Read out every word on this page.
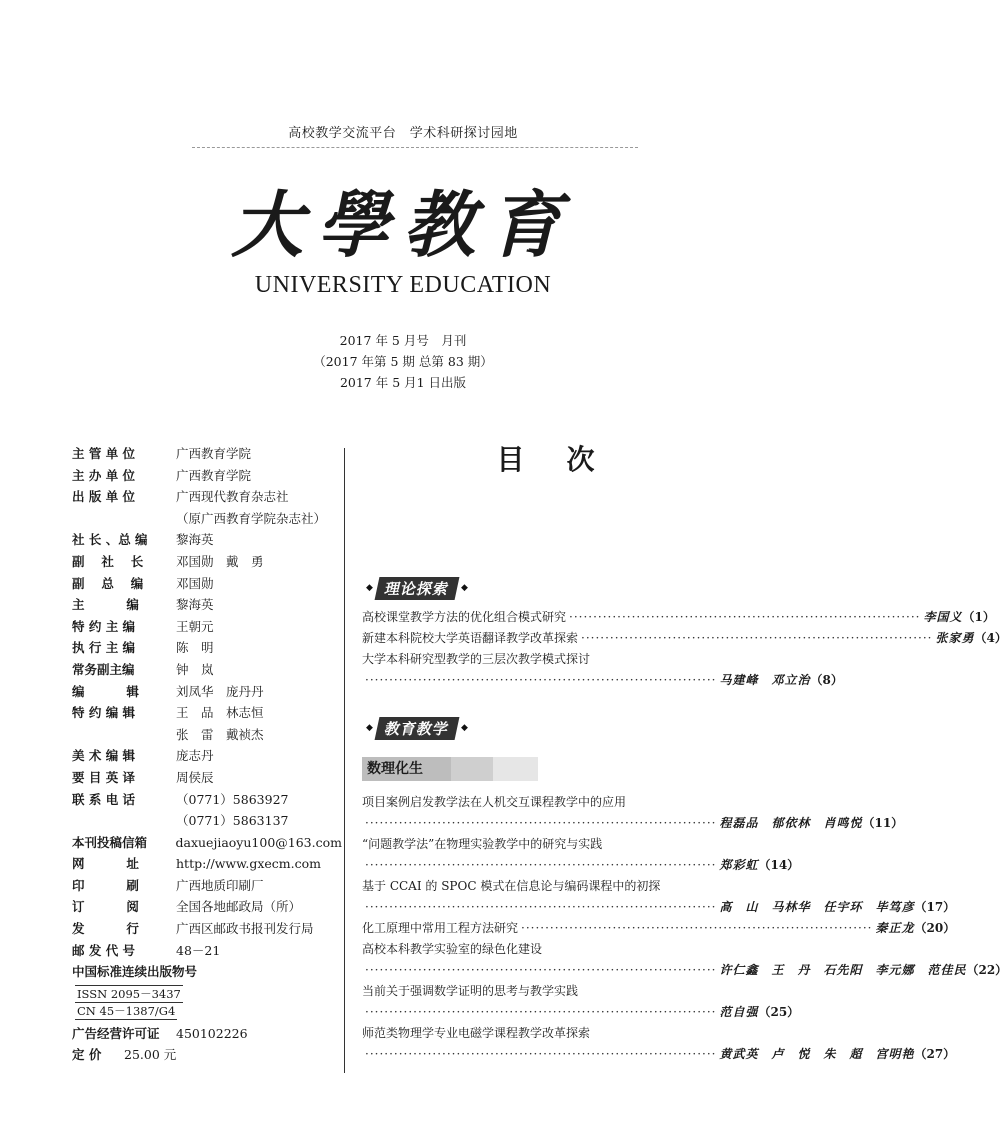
高校教学交流平台　学术科研探讨园地
大學教育
UNIVERSITY EDUCATION
2017 年 5 月号　月刊
（2017 年第 5 期 总第 83 期）
2017 年 5 月1 日出版
主 管 单 位	广西教育学院
主 办 单 位	广西教育学院
出 版 单 位	广西现代教育杂志社
（原广西教育学院杂志社）
社 长 、总 编	黎海英
副　 社　 长	邓国勋　戴　勇
副　 总　 编	邓国勋
主　　　 编	黎海英
特 约 主 编	王朝元
执 行 主 编	陈　明
常务副主编	钟　岚
编　　　 辑	刘凤华　庞丹丹
特 约 编 辑	王　品　林志恒
张　雷　戴祯杰
美 术 编 辑	庞志丹
要 目 英 译	周侯辰
联 系 电 话	（0771）5863927
（0771）5863137
本刊投稿信箱	daxuejiaoyu100@163.com
网　　　 址	http://www.gxecm.com
印　　　 刷	广西地质印刷厂
订　　　 阅	全国各地邮政局（所）
发　　　 行	广西区邮政书报刊发行局
邮 发 代 号	48－21
中国标准连续出版物号
ISSN 2095－3437
CN 45－1387/G4
广告经营许可证	450102226
定 价	25.00 元
目次
◆ 理论探索	◆
◆ 教育教学	◆
数理化生
高校课堂教学方法的优化组合模式研究 ········································································· 李国义 （1）
新建本科院校大学英语翻译教学改革探索 ········································································· 张家勇 （4）
大学本科研究型教学的三层次教学模式探讨
········································································· 马建峰　邓立治 （8）
项目案例启发教学法在人机交互课程教学中的应用
········································································· 程磊品　郁依林　肖鸣悦 （11）
“问题教学法”在物理实验教学中的研究与实践
········································································· 郑彩虹 （14）
基于 CCAI 的 SPOC 模式在信息论与编码课程中的初探
········································································· 高　山　马林华　任宇环　毕笃彦 （17）
化工原理中常用工程方法研究 ········································································· 秦正龙 （20）
高校本科教学实验室的绿色化建设
········································································· 许仁鑫　王　丹　石先阳　李元娜　范佳民 （22）
当前关于强调数学证明的思考与教学实践
········································································· 范自强 （25）
师范类物理学专业电磁学课程教学改革探索
········································································· 黄武英　卢　悦　朱　超　宫明艳 （27）
